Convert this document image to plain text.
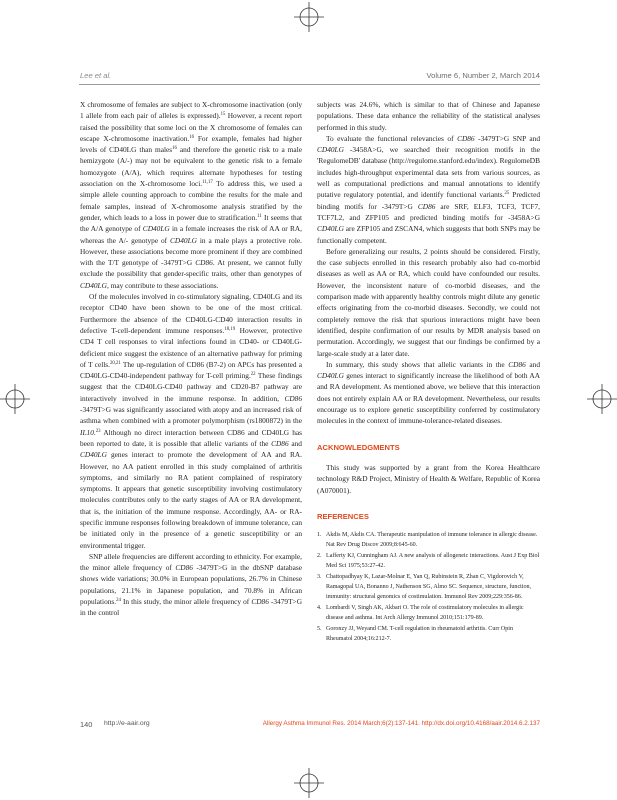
Lee et al.	Volume 6, Number 2, March 2014

X chromosome of females are subject to X-chromosome inactivation (only 1 allele from each pair of alleles is expressed).$^{15}$ However, a recent report raised the possibility that some loci on the X chromosome of females can escape X-chromosome inactivation.$^{16}$ For example, females had higher levels of CD40LG than males$^{16}$ and therefore the genetic risk to a male hemizygote (A/-) may not be equivalent to the genetic risk to a female homozygote (A/A), which requires alternate hypotheses for testing association on the X-chromosome loci.$^{11,17}$ To address this, we used a simple allele counting approach to combine the results for the male and female samples, instead of X-chromosome analysis stratified by the gender, which leads to a loss in power due to stratification.$^{11}$ It seems that the A/A genotype of CD40LG in a female increases the risk of AA or RA, whereas the A/- genotype of CD40LG in a male plays a protective role. However, these associations become more prominent if they are combined with the T/T genotype of -3479T>G CD86. At present, we cannot fully exclude the possibility that gender-specific traits, other than genotypes of CD40LG, may contribute to these associations.

Of the molecules involved in co-stimulatory signaling, CD40LG and its receptor CD40 have been shown to be one of the most critical. Furthermore the absence of the CD40LG-CD40 interaction results in defective T-cell-dependent immune responses.$^{18,19}$ However, protective CD4 T cell responses to viral infections found in CD40- or CD40LG- deficient mice suggest the existence of an alternative pathway for priming of T cells.$^{20,21}$ The up-regulation of CD86 (B7-2) on APCs has presented a CD40LG-CD40-independent pathway for T-cell priming.$^{22}$ These findings suggest that the CD40LG-CD40 pathway and CD20-B7 pathway are interactively involved in the immune response. In addition, CD86 -3479T>G was significantly associated with atopy and an increased risk of asthma when combined with a promoter polymorphism (rs1800872) in the IL10.23 Although no direct interaction between CD86 and CD40LG has been reported to date, it is possible that allelic variants of the CD86 and CD40LG genes interact to promote the development of AA and RA. However, no AA patient enrolled in this study complained of arthritis symptoms, and similarly no RA patient complained of respiratory symptoms. It appears that genetic susceptibility involving costimulatory molecules contributes only to the early stages of AA or RA development, that is, the initiation of the immune response. Accordingly, AA- or RA-specific immune responses following breakdown of immune tolerance, can be initiated only in the presence of a genetic susceptibility or an environmental trigger.

SNP allele frequencies are different according to ethnicity. For example, the minor allele frequency of CD86 -3479T>G in the dbSNP database shows wide variations; 30.0% in European populations, 26.7% in Chinese populations, 21.1% in Japanese population, and 70.8% in African populations.$^{24}$ In this study, the minor allele frequency of CD86 -3479T>G in the control

subjects was 24.6%, which is similar to that of Chinese and Japanese populations. These data enhance the reliability of the statistical analyses performed in this study.

To evaluate the functional relevancies of CD86 -3479T>G SNP and CD40LG -3458A>G, we searched their recognition motifs in the 'RegulomeDB' database (http://regulome.stanford.edu/index). RegulomeDB includes high-throughput experimental data sets from various sources, as well as computational predictions and manual annotations to identify putative regulatory potential, and identify functional variants.$^{25}$ Predicted binding motifs for -3479T>G CD86 are SRF, ELF3, TCF3, TCF7, TCF7L2, and ZFP105 and predicted binding motifs for -3458A>G CD40LG are ZFP105 and ZSCAN4, which suggests that both SNPs may be functionally competent.

Before generalizing our results, 2 points should be considered. Firstly, the case subjects enrolled in this research probably also had co-morbid diseases as well as AA or RA, which could have confounded our results. However, the inconsistent nature of co-morbid diseases, and the comparison made with apparently healthy controls might dilute any genetic effects originating from the co-morbid diseases. Secondly, we could not completely remove the risk that spurious interactions might have been identified, despite confirmation of our results by MDR analysis based on permutation. Accordingly, we suggest that our findings be confirmed by a large-scale study at a later date.

In summary, this study shows that allelic variants in the CD86 and CD40LG genes interact to significantly increase the likelihood of both AA and RA development. As mentioned above, we believe that this interaction does not entirely explain AA or RA development. Nevertheless, our results encourage us to explore genetic susceptibility conferred by costimulatory molecules in the context of immune-tolerance-related diseases.

ACKNOWLEDGMENTS

This study was supported by a grant from the Korea Healthcare technology R&D Project, Ministry of Health & Welfare, Republic of Korea (A070001).

REFERENCES
1. Akdis M, Akdis CA. Therapeutic manipulation of immune tolerance in allergic disease. Nat Rev Drug Discov 2009;8:645-60.
2. Lafferty KJ, Cunningham AJ. A new analysis of allogeneic interactions. Aust J Exp Biol Med Sci 1975;53:27-42.
3. Chattopadhyay K, Lazar-Molnar E, Yan Q, Rubinstein R, Zhan C, Vigdorovich V, Ramagopal UA, Bonanno J, Nathenson SG, Almo SC. Sequence, structure, function, immunity: structural genomics of costimulation. Immunol Rev 2009;229:356-86.
4. Lombardi V, Singh AK, Akbari O. The role of costimulatory molecules in allergic disease and asthma. Int Arch Allergy Immunol 2010;151:179-89.
5. Goronzy JJ, Weyand CM. T-cell regulation in rheumatoid arthritis. Curr Opin Rheumatol 2004;16:212-7.
140 http://e-aair.org	Allergy Asthma Immunol Res. 2014 March;6(2):137-141. http://dx.doi.org/10.4168/aair.2014.6.2.137
